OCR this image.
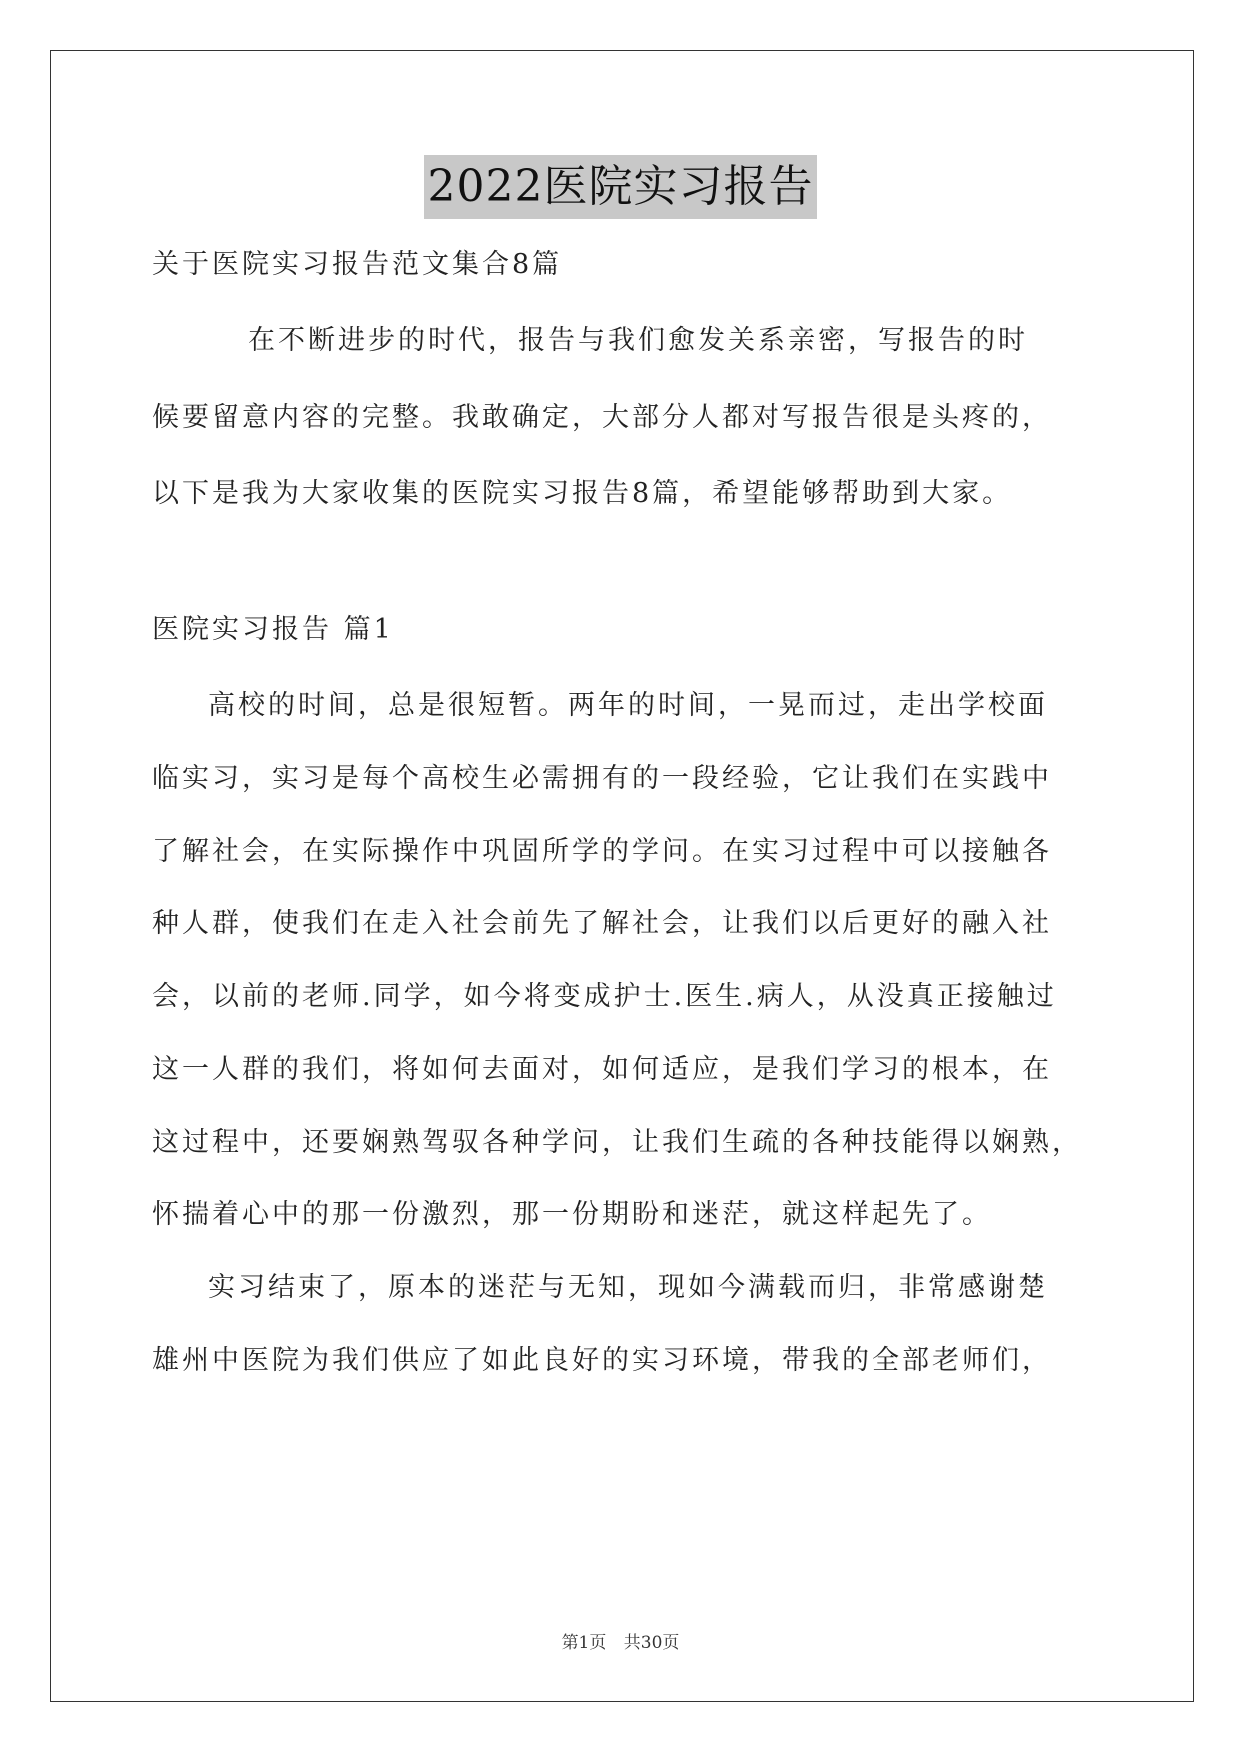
2022医院实习报告
关于医院实习报告范文集合8篇
在不断进步的时代，报告与我们愈发关系亲密，写报告的时
候要留意内容的完整。我敢确定，大部分人都对写报告很是头疼的，
以下是我为大家收集的医院实习报告8篇，希望能够帮助到大家。
医院实习报告 篇1
高校的时间，总是很短暂。两年的时间，一晃而过，走出学校面
临实习，实习是每个高校生必需拥有的一段经验，它让我们在实践中
了解社会，在实际操作中巩固所学的学问。在实习过程中可以接触各
种人群，使我们在走入社会前先了解社会，让我们以后更好的融入社
会，以前的老师.同学，如今将变成护士.医生.病人，从没真正接触过
这一人群的我们，将如何去面对，如何适应，是我们学习的根本，在
这过程中，还要娴熟驾驭各种学问，让我们生疏的各种技能得以娴熟，
怀揣着心中的那一份激烈，那一份期盼和迷茫，就这样起先了。
实习结束了，原本的迷茫与无知，现如今满载而归，非常感谢楚
雄州中医院为我们供应了如此良好的实习环境，带我的全部老师们，
第1页 共30页
